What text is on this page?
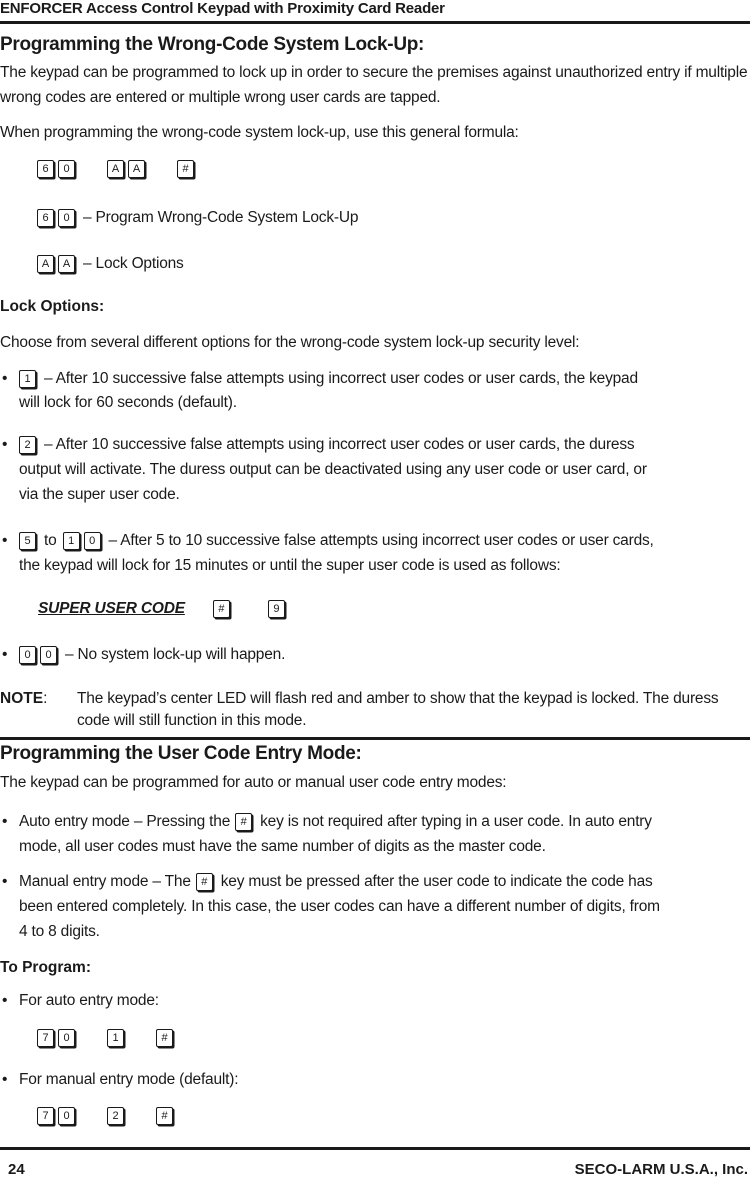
ENFORCER Access Control Keypad with Proximity Card Reader
Programming the Wrong-Code System Lock-Up:
The keypad can be programmed to lock up in order to secure the premises against unauthorized entry if multiple wrong codes are entered or multiple wrong user cards are tapped.
When programming the wrong-code system lock-up, use this general formula:
6	0	A	A	#
6	0 – Program Wrong-Code System Lock-Up
A	A – Lock Options
Lock Options:
Choose from several different options for the wrong-code system lock-up security level:
•	1 – After 10 successive false attempts using incorrect user codes or user cards, the keypad
will lock for 60 seconds (default).
•	2 – After 10 successive false attempts using incorrect user codes or user cards, the duress
output will activate. The duress output can be deactivated using any user code or user card, or
via the super user code.
•	5 to	1	0 – After 5 to 10 successive false attempts using incorrect user codes or user cards,
the keypad will lock for 15 minutes or until the super user code is used as follows:
SUPER USER CODE	#	9
•	0	0 – No system lock-up will happen.
NOTE: The keypad’s center LED will flash red and amber to show that the keypad is locked. The duress code will still function in this mode.
Programming the User Code Entry Mode:
The keypad can be programmed for auto or manual user code entry modes:
• Auto entry mode – Pressing the # key is not required after typing in a user code. In auto entry
mode, all user codes must have the same number of digits as the master code.
• Manual entry mode – The # key must be pressed after the user code to indicate the code has
been entered completely. In this case, the user codes can have a different number of digits, from
4 to 8 digits.
To Program:
• For auto entry mode:
7	0	1	#
• For manual entry mode (default):
7	0	2	#
24	SECO-LARM U.S.A., Inc.
